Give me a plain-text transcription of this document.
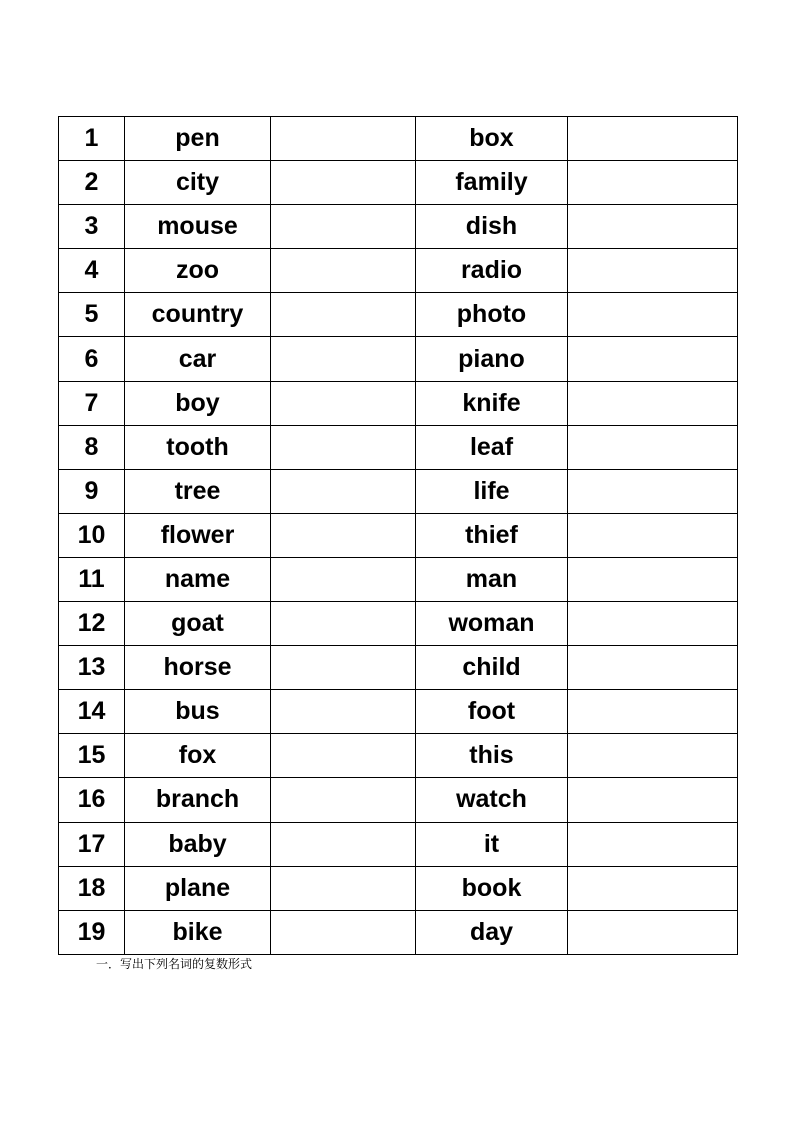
1	pen		box	
2	city		family	
3	mouse		dish	
4	zoo		radio	
5	country		photo	
6	car		piano	
7	boy		knife	
8	tooth		leaf	
9	tree		life	
10	flower		thief	
11	name		man	
12	goat		woman	
13	horse		child	
14	bus		foot	
15	fox		this	
16	branch		watch	
17	baby		it	
18	plane		book	
19	bike		day	
一．写出下列名词的复数形式
